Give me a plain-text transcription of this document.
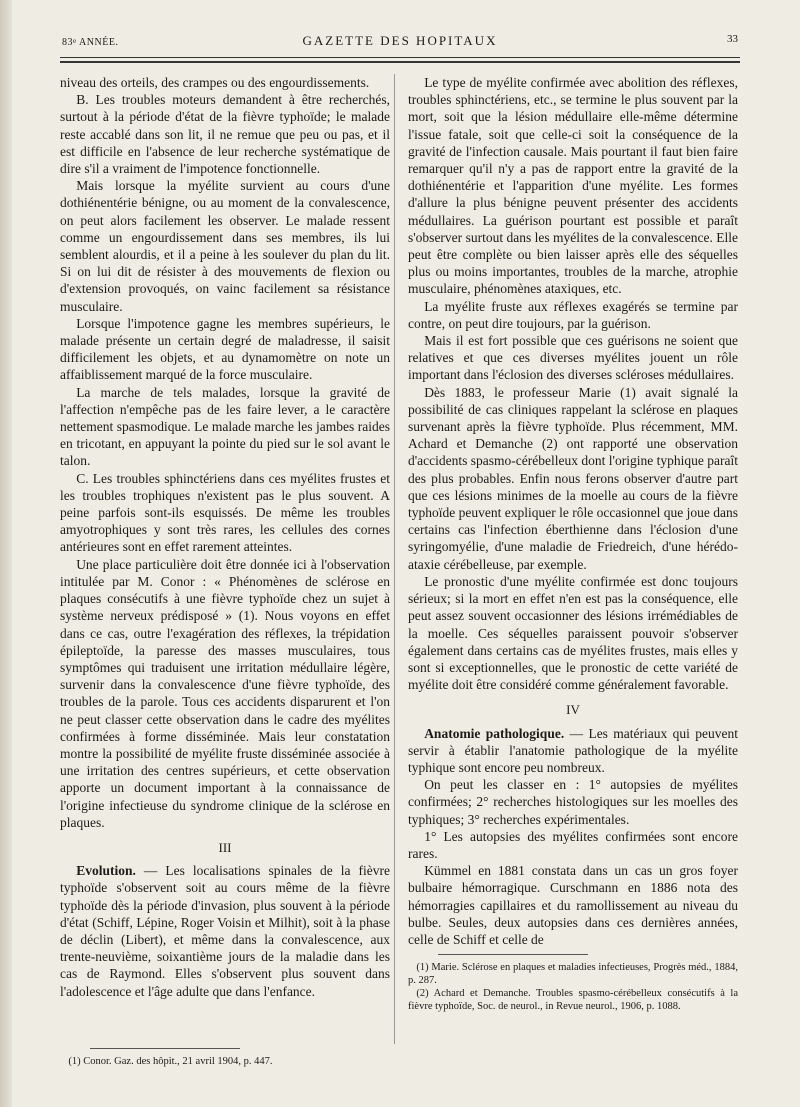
83e ANNÉE.	GAZETTE DES HOPITAUX	33

niveau des orteils, des crampes ou des engourdissements.

B. Les troubles moteurs demandent à être recherchés, surtout à la période d'état de la fièvre typhoïde; le malade reste accablé dans son lit, il ne remue que peu ou pas, et il est difficile en l'absence de leur recherche systématique de dire s'il a vraiment de l'impotence fonctionnelle.

Mais lorsque la myélite survient au cours d'une dothiénentérie bénigne, ou au moment de la convalescence, on peut alors facilement les observer. Le malade ressent comme un engourdissement dans ses membres, ils lui semblent alourdis, et il a peine à les soulever du plan du lit. Si on lui dit de résister à des mouvements de flexion ou d'extension provoqués, on vainc facilement sa résistance musculaire.

Lorsque l'impotence gagne les membres supérieurs, le malade présente un certain degré de maladresse, il saisit difficilement les objets, et au dynamomètre on note un affaiblissement marqué de la force musculaire.

La marche de tels malades, lorsque la gravité de l'affection n'empêche pas de les faire lever, a le caractère nettement spasmodique. Le malade marche les jambes raides en tricotant, en appuyant la pointe du pied sur le sol avant le talon.

C. Les troubles sphinctériens dans ces myélites frustes et les troubles trophiques n'existent pas le plus souvent. A peine parfois sont-ils esquissés. De même les troubles amyotrophiques y sont très rares, les cellules des cornes antérieures sont en effet rarement atteintes.

Une place particulière doit être donnée ici à l'observation intitulée par M. Conor : « Phénomènes de sclérose en plaques consécutifs à une fièvre typhoïde chez un sujet à système nerveux prédisposé » (1). Nous voyons en effet dans ce cas, outre l'exagération des réflexes, la trépidation épileptoïde, la paresse des masses musculaires, tous symptômes qui traduisent une irritation médullaire légère, survenir dans la convalescence d'une fièvre typhoïde, des troubles de la parole. Tous ces accidents disparurent et l'on ne peut classer cette observation dans le cadre des myélites confirmées à forme disséminée. Mais leur constatation montre la possibilité de myélite fruste disséminée associée à une irritation des centres supérieurs, et cette observation apporte un document important à la connaissance de l'origine infectieuse du syndrome clinique de la sclérose en plaques.

III

Evolution. — Les localisations spinales de la fièvre typhoïde s'observent soit au cours même de la fièvre typhoïde dès la période d'invasion, plus souvent à la période d'état (Schiff, Lépine, Roger Voisin et Milhit), soit à la phase de déclin (Libert), et même dans la convalescence, aux trente-neuvième, soixantième jours de la maladie dans les cas de Raymond. Elles s'observent plus souvent dans l'adolescence et l'âge adulte que dans l'enfance.

(1) Conor. Gaz. des hôpit., 21 avril 1904, p. 447.

Le type de myélite confirmée avec abolition des réflexes, troubles sphinctériens, etc., se termine le plus souvent par la mort, soit que la lésion médullaire elle-même détermine l'issue fatale, soit que celle-ci soit la conséquence de la gravité de l'infection causale. Mais pourtant il faut bien faire remarquer qu'il n'y a pas de rapport entre la gravité de la dothiénentérie et l'apparition d'une myélite. Les formes d'allure la plus bénigne peuvent présenter des accidents médullaires. La guérison pourtant est possible et paraît s'observer surtout dans les myélites de la convalescence. Elle peut être complète ou bien laisser après elle des séquelles plus ou moins importantes, troubles de la marche, atrophie musculaire, phénomènes ataxiques, etc.

La myélite fruste aux réflexes exagérés se termine par contre, on peut dire toujours, par la guérison.

Mais il est fort possible que ces guérisons ne soient que relatives et que ces diverses myélites jouent un rôle important dans l'éclosion des diverses scléroses médullaires.

Dès 1883, le professeur Marie (1) avait signalé la possibilité de cas cliniques rappelant la sclérose en plaques survenant après la fièvre typhoïde. Plus récemment, MM. Achard et Demanche (2) ont rapporté une observation d'accidents spasmo-cérébelleux dont l'origine typhique paraît des plus probables. Enfin nous ferons observer d'autre part que ces lésions minimes de la moelle au cours de la fièvre typhoïde peuvent expliquer le rôle occasionnel que joue dans certains cas l'infection éberthienne dans l'éclosion d'une syringomyélie, d'une maladie de Friedreich, d'une hérédo-ataxie cérébelleuse, par exemple.

Le pronostic d'une myélite confirmée est donc toujours sérieux; si la mort en effet n'en est pas la conséquence, elle peut assez souvent occasionner des lésions irrémédiables de la moelle. Ces séquelles paraissent pouvoir s'observer également dans certains cas de myélites frustes, mais elles y sont si exceptionnelles, que le pronostic de cette variété de myélite doit être considéré comme généralement favorable.

IV

Anatomie pathologique. — Les matériaux qui peuvent servir à établir l'anatomie pathologique de la myélite typhique sont encore peu nombreux.

On peut les classer en : 1° autopsies de myélites confirmées; 2° recherches histologiques sur les moelles des typhiques; 3° recherches expérimentales.

1° Les autopsies des myélites confirmées sont encore rares.

Kümmel en 1881 constata dans un cas un gros foyer bulbaire hémorragique. Curschmann en 1886 nota des hémorragies capillaires et du ramollissement au niveau du bulbe. Seules, deux autopsies dans ces dernières années, celle de Schiff et celle de

(1) Marie. Sclérose en plaques et maladies infectieuses, Progrès méd., 1884, p. 287.

(2) Achard et Demanche. Troubles spasmo-cérébelleux consécutifs à la fièvre typhoïde, Soc. de neurol., in Revue neurol., 1906, p. 1088.
